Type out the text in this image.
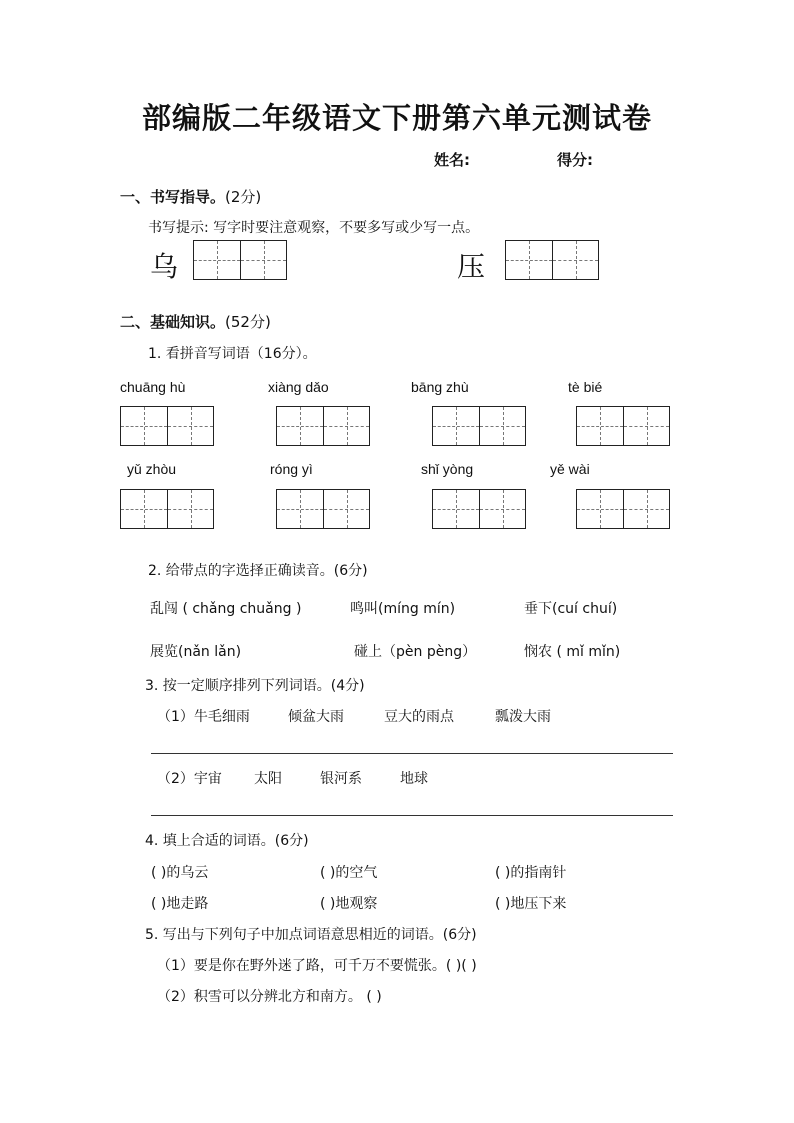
部编版二年级语文下册第六单元测试卷
姓名:	得分:
一、书写指导。(2分)
书写提示: 写字时要注意观察，不要多写或少写一点。
乌	压
二、基础知识。(52分)
1. 看拼音写词语（16分）。
chuāng hù	xiàng dǎo	bāng zhù	tè bié
yǔ zhòu	róng yì	shǐ yòng	yě wài
2. 给带点的字选择正确读音。(6分)
乱闯 ( chǎng chuǎng )	鸣叫(míng mín)	垂下(cuí chuí)
展览(nǎn lǎn)	碰上（pèn pèng）	悯农 ( mǐ mǐn)
3. 按一定顺序排列下列词语。(4分)
（1）牛毛细雨	倾盆大雨	豆大的雨点	瓢泼大雨
（2）宇宙 太阳	银河系	地球
4. 填上合适的词语。(6分)
( )的乌云	( )的空气	( )的指南针
( )地走路	( )地观察	( )地压下来
5. 写出与下列句子中加点词语意思相近的词语。(6分)
（1）要是你在野外迷了路，可千万不要慌张。( )( )
（2）积雪可以分辨北方和南方。 ( )
